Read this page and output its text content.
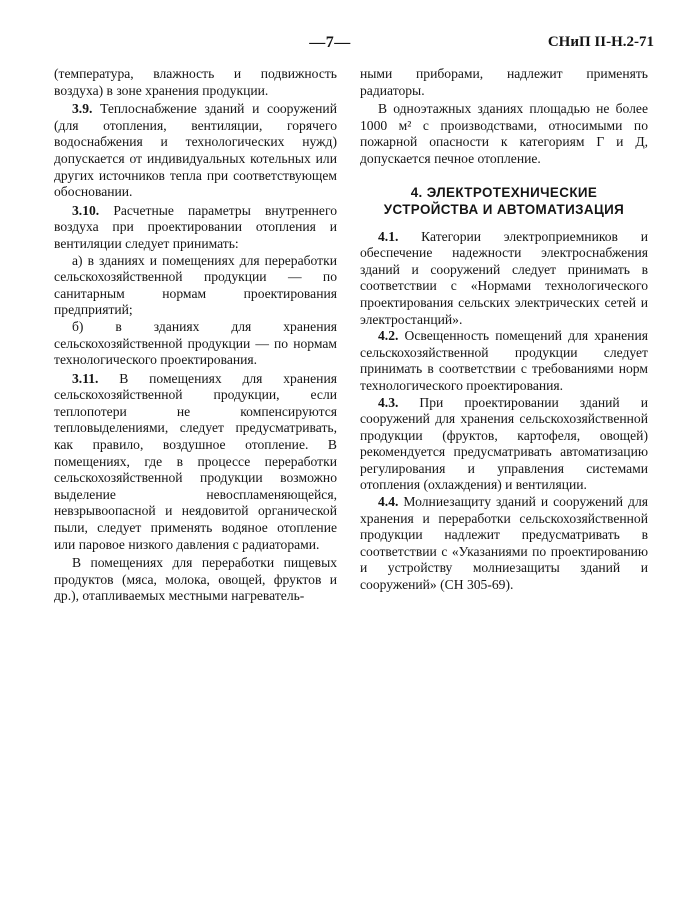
—7—	СНиП II-Н.2-71

(температура, влажность и подвижность воздуха) в зоне хранения продукции.

3.9. Теплоснабжение зданий и сооружений (для отопления, вентиляции, горячего водоснабжения и технологических нужд) допускается от индивидуальных котельных или других источников тепла при соответствующем обосновании.

3.10. Расчетные параметры внутреннего воздуха при проектировании отопления и вентиляции следует принимать:

а) в зданиях и помещениях для переработки сельскохозяйственной продукции — по санитарным нормам проектирования предприятий;

б) в зданиях для хранения сельскохозяйственной продукции — по нормам технологического проектирования.

3.11. В помещениях для хранения сельскохозяйственной продукции, если теплопотери не компенсируются тепловыделениями, следует предусматривать, как правило, воздушное отопление. В помещениях, где в процессе переработки сельскохозяйственной продукции возможно выделение невоспламеняющейся, невзрывоопасной и неядовитой органической пыли, следует применять водяное отопление или паровое низкого давления с радиаторами.

В помещениях для переработки пищевых продуктов (мяса, молока, овощей, фруктов и др.), отапливаемых местными нагреватель-

ными приборами, надлежит применять радиаторы.

В одноэтажных зданиях площадью не более 1000 м² с производствами, относимыми по пожарной опасности к категориям Г и Д, допускается печное отопление.

4. ЭЛЕКТРОТЕХНИЧЕСКИЕ
УСТРОЙСТВА И АВТОМАТИЗАЦИЯ

4.1. Категории электроприемников и обеспечение надежности электроснабжения зданий и сооружений следует принимать в соответствии с «Нормами технологического проектирования сельских электрических сетей и электростанций».

4.2. Освещенность помещений для хранения сельскохозяйственной продукции следует принимать в соответствии с требованиями норм технологического проектирования.

4.3. При проектировании зданий и сооружений для хранения сельскохозяйственной продукции (фруктов, картофеля, овощей) рекомендуется предусматривать автоматизацию регулирования и управления системами отопления (охлаждения) и вентиляции.

4.4. Молниезащиту зданий и сооружений для хранения и переработки сельскохозяйственной продукции надлежит предусматривать в соответствии с «Указаниями по проектированию и устройству молниезащиты зданий и сооружений» (СН 305-69).
